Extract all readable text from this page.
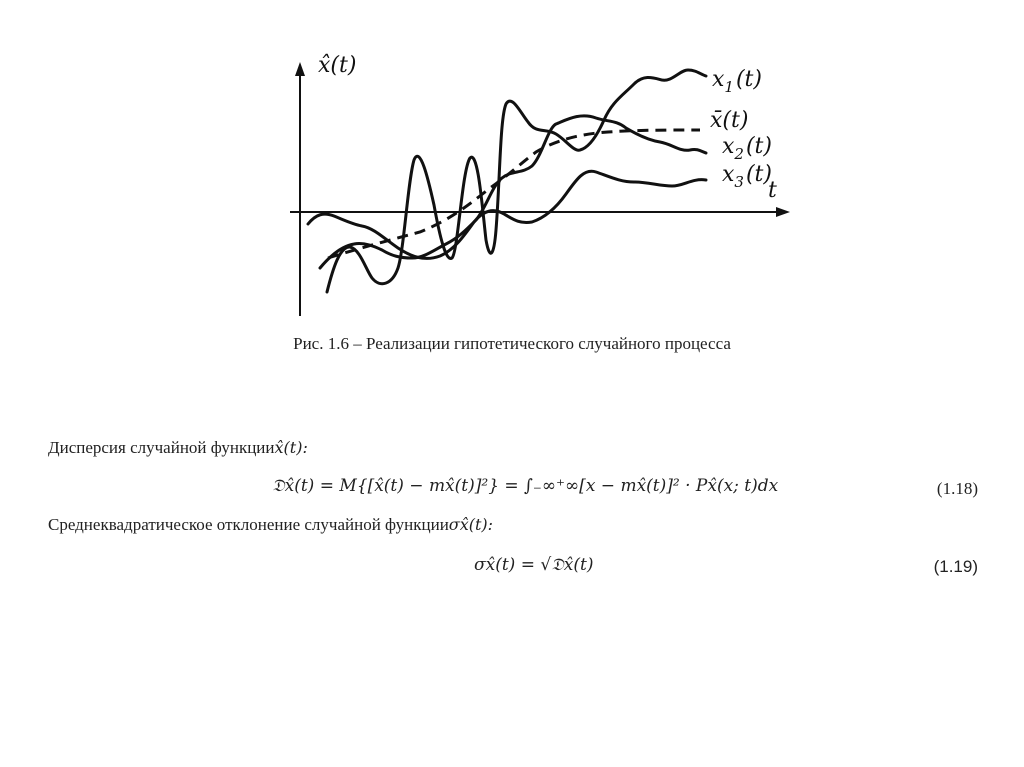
x̂(t)
t
$x_1(t)$
x̄(t)
$x_2(t)$
$x_3(t)$
Рис. 1.6 – Реализации гипотетического случайного процесса
Дисперсия случайной функцииx̂(t):
𝔇x̂(t) = M{[x̂(t) − mx̂(t)]²} = ∫₋∞⁺∞[x − mx̂(t)]² · Px̂(x; t)dx	(1.18)
Среднеквадратическое отклонение случайной функцииσx̂(t):
σx̂(t) = √𝔇x̂(t)	(1.19)
